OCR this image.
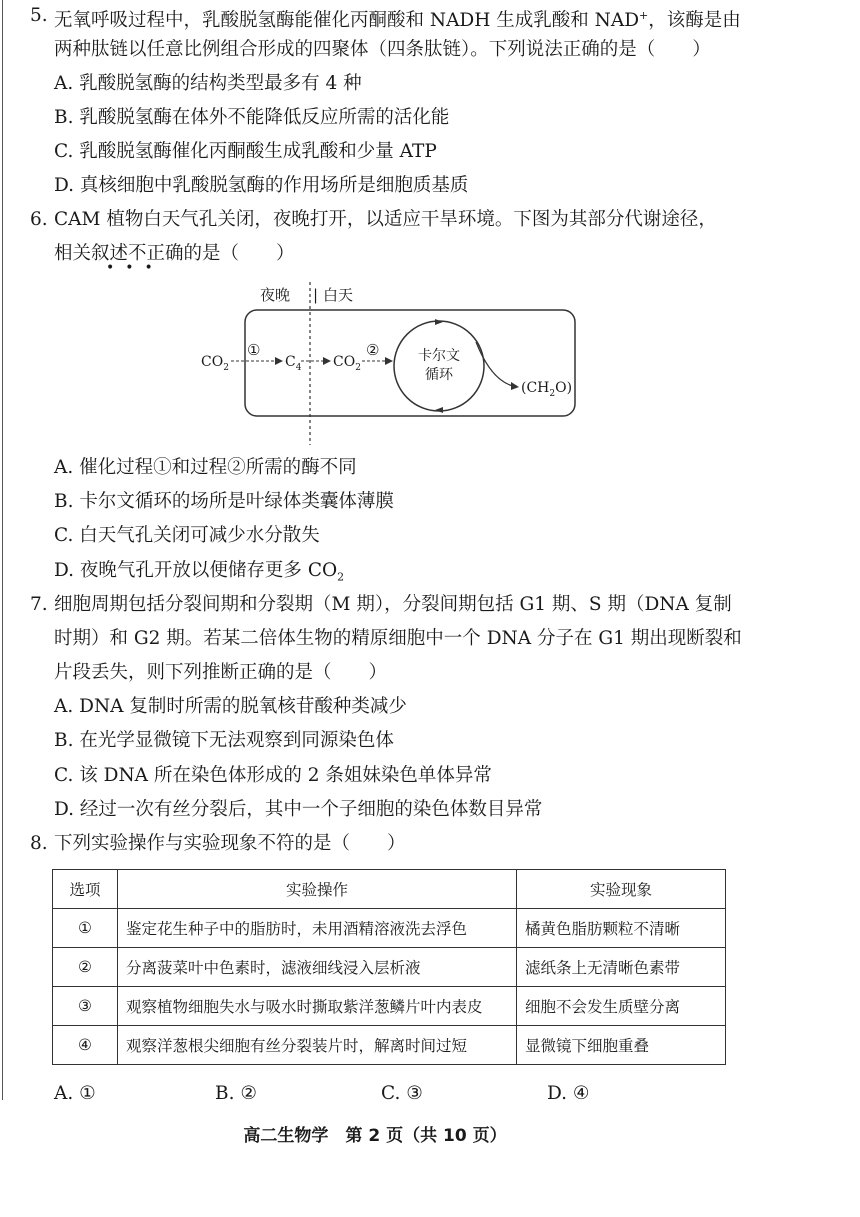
5. 无氧呼吸过程中，乳酸脱氢酶能催化丙酮酸和 NADH 生成乳酸和 NAD+，该酶是由
两种肽链以任意比例组合形成的四聚体（四条肽链）。下列说法正确的是（　　）
A. 乳酸脱氢酶的结构类型最多有 4 种
B. 乳酸脱氢酶在体外不能降低反应所需的活化能
C. 乳酸脱氢酶催化丙酮酸生成乳酸和少量 ATP
D. 真核细胞中乳酸脱氢酶的作用场所是细胞质基质
6. CAM 植物白天气孔关闭，夜晚打开，以适应干旱环境。下图为其部分代谢途径，
相关叙述不正确的是（　　）
•••
夜晚 白天
|
$CO_2$
①
$C_4$ $CO_2$
②	卡尔文
循环
$(CH_2O)$
A. 催化过程①和过程②所需的酶不同
B. 卡尔文循环的场所是叶绿体类囊体薄膜
C. 白天气孔关闭可减少水分散失
D. 夜晚气孔开放以便储存更多 $CO_2$
7. 细胞周期包括分裂间期和分裂期（M 期），分裂间期包括 G1 期、S 期（DNA 复制
时期）和 G2 期。若某二倍体生物的精原细胞中一个 DNA 分子在 G1 期出现断裂和
片段丢失，则下列推断正确的是（　　）
A. DNA 复制时所需的脱氧核苷酸种类减少
B. 在光学显微镜下无法观察到同源染色体
C. 该 DNA 所在染色体形成的 2 条姐妹染色单体异常
D. 经过一次有丝分裂后，其中一个子细胞的染色体数目异常
8. 下列实验操作与实验现象不符的是（　　）
选项	实验操作	实验现象
①	鉴定花生种子中的脂肪时，未用酒精溶液洗去浮色	橘黄色脂肪颗粒不清晰
②	分离菠菜叶中色素时，滤液细线浸入层析液	滤纸条上无清晰色素带
③	观察植物细胞失水与吸水时撕取紫洋葱鳞片叶内表皮	细胞不会发生质壁分离
④	观察洋葱根尖细胞有丝分裂装片时，解离时间过短	显微镜下细胞重叠
A. ①	B. ②	C. ③	D. ④
高二生物学　第 2 页（共 10 页）
